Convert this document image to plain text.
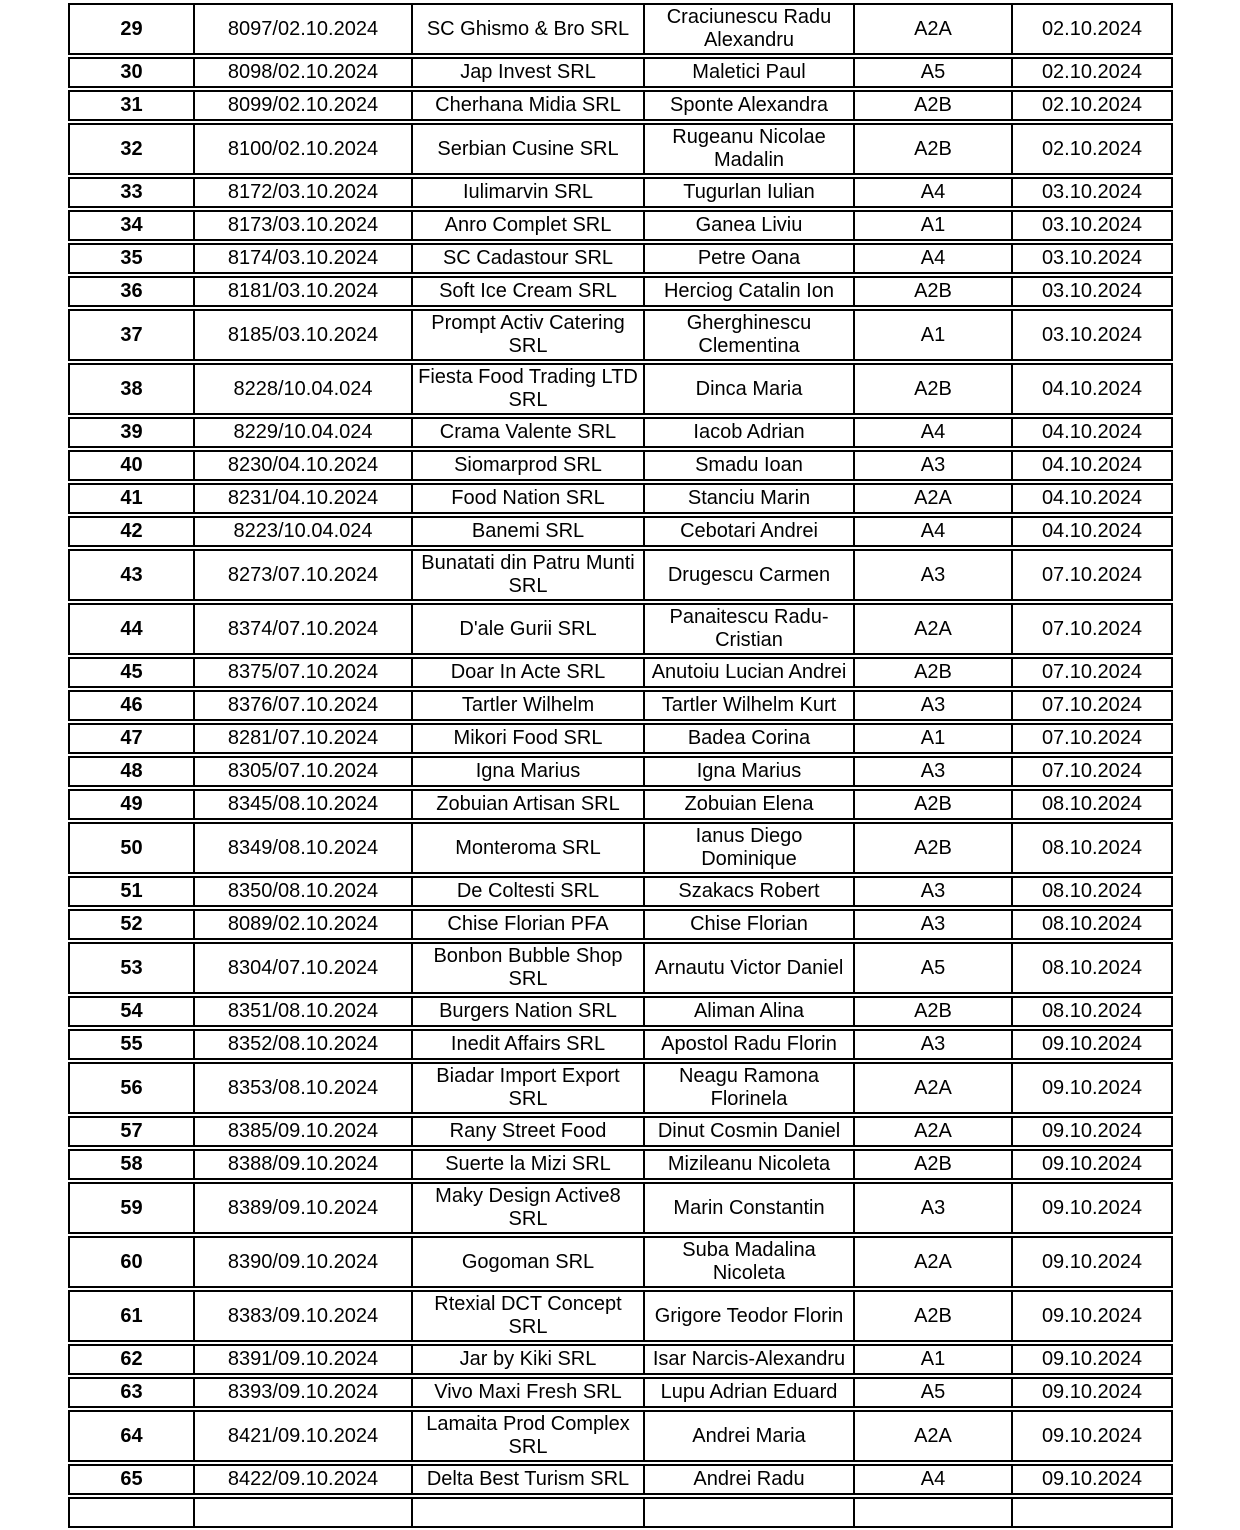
29	8097/02.10.2024	SC Ghismo & Bro SRL	Craciunescu Radu Alexandru	A2A	02.10.2024
30	8098/02.10.2024	Jap Invest SRL	Maletici Paul	A5	02.10.2024
31	8099/02.10.2024	Cherhana Midia SRL	Sponte Alexandra	A2B	02.10.2024
32	8100/02.10.2024	Serbian Cusine SRL	Rugeanu Nicolae Madalin	A2B	02.10.2024
33	8172/03.10.2024	Iulimarvin SRL	Tugurlan Iulian	A4	03.10.2024
34	8173/03.10.2024	Anro Complet SRL	Ganea Liviu	A1	03.10.2024
35	8174/03.10.2024	SC Cadastour SRL	Petre Oana	A4	03.10.2024
36	8181/03.10.2024	Soft Ice Cream SRL	Herciog Catalin Ion	A2B	03.10.2024
37	8185/03.10.2024	Prompt Activ Catering SRL	Gherghinescu Clementina	A1	03.10.2024
38	8228/10.04.024	Fiesta Food Trading LTD SRL	Dinca Maria	A2B	04.10.2024
39	8229/10.04.024	Crama Valente SRL	Iacob Adrian	A4	04.10.2024
40	8230/04.10.2024	Siomarprod SRL	Smadu Ioan	A3	04.10.2024
41	8231/04.10.2024	Food Nation SRL	Stanciu Marin	A2A	04.10.2024
42	8223/10.04.024	Banemi SRL	Cebotari Andrei	A4	04.10.2024
43	8273/07.10.2024	Bunatati din Patru Munti SRL	Drugescu Carmen	A3	07.10.2024
44	8374/07.10.2024	D'ale Gurii SRL	Panaitescu Radu-Cristian	A2A	07.10.2024
45	8375/07.10.2024	Doar In Acte SRL	Anutoiu Lucian Andrei	A2B	07.10.2024
46	8376/07.10.2024	Tartler Wilhelm	Tartler Wilhelm Kurt	A3	07.10.2024
47	8281/07.10.2024	Mikori Food SRL	Badea Corina	A1	07.10.2024
48	8305/07.10.2024	Igna Marius	Igna Marius	A3	07.10.2024
49	8345/08.10.2024	Zobuian Artisan SRL	Zobuian Elena	A2B	08.10.2024
50	8349/08.10.2024	Monteroma SRL	Ianus Diego Dominique	A2B	08.10.2024
51	8350/08.10.2024	De Coltesti SRL	Szakacs Robert	A3	08.10.2024
52	8089/02.10.2024	Chise Florian PFA	Chise Florian	A3	08.10.2024
53	8304/07.10.2024	Bonbon Bubble Shop SRL	Arnautu Victor Daniel	A5	08.10.2024
54	8351/08.10.2024	Burgers Nation SRL	Aliman Alina	A2B	08.10.2024
55	8352/08.10.2024	Inedit Affairs SRL	Apostol Radu Florin	A3	09.10.2024
56	8353/08.10.2024	Biadar Import Export SRL	Neagu Ramona Florinela	A2A	09.10.2024
57	8385/09.10.2024	Rany Street Food	Dinut Cosmin Daniel	A2A	09.10.2024
58	8388/09.10.2024	Suerte la Mizi SRL	Mizileanu Nicoleta	A2B	09.10.2024
59	8389/09.10.2024	Maky Design Active8 SRL	Marin Constantin	A3	09.10.2024
60	8390/09.10.2024	Gogoman SRL	Suba Madalina Nicoleta	A2A	09.10.2024
61	8383/09.10.2024	Rtexial DCT Concept SRL	Grigore Teodor Florin	A2B	09.10.2024
62	8391/09.10.2024	Jar by Kiki SRL	Isar Narcis-Alexandru	A1	09.10.2024
63	8393/09.10.2024	Vivo Maxi Fresh SRL	Lupu Adrian Eduard	A5	09.10.2024
64	8421/09.10.2024	Lamaita Prod Complex SRL	Andrei Maria	A2A	09.10.2024
65	8422/09.10.2024	Delta Best Turism SRL	Andrei Radu	A4	09.10.2024
